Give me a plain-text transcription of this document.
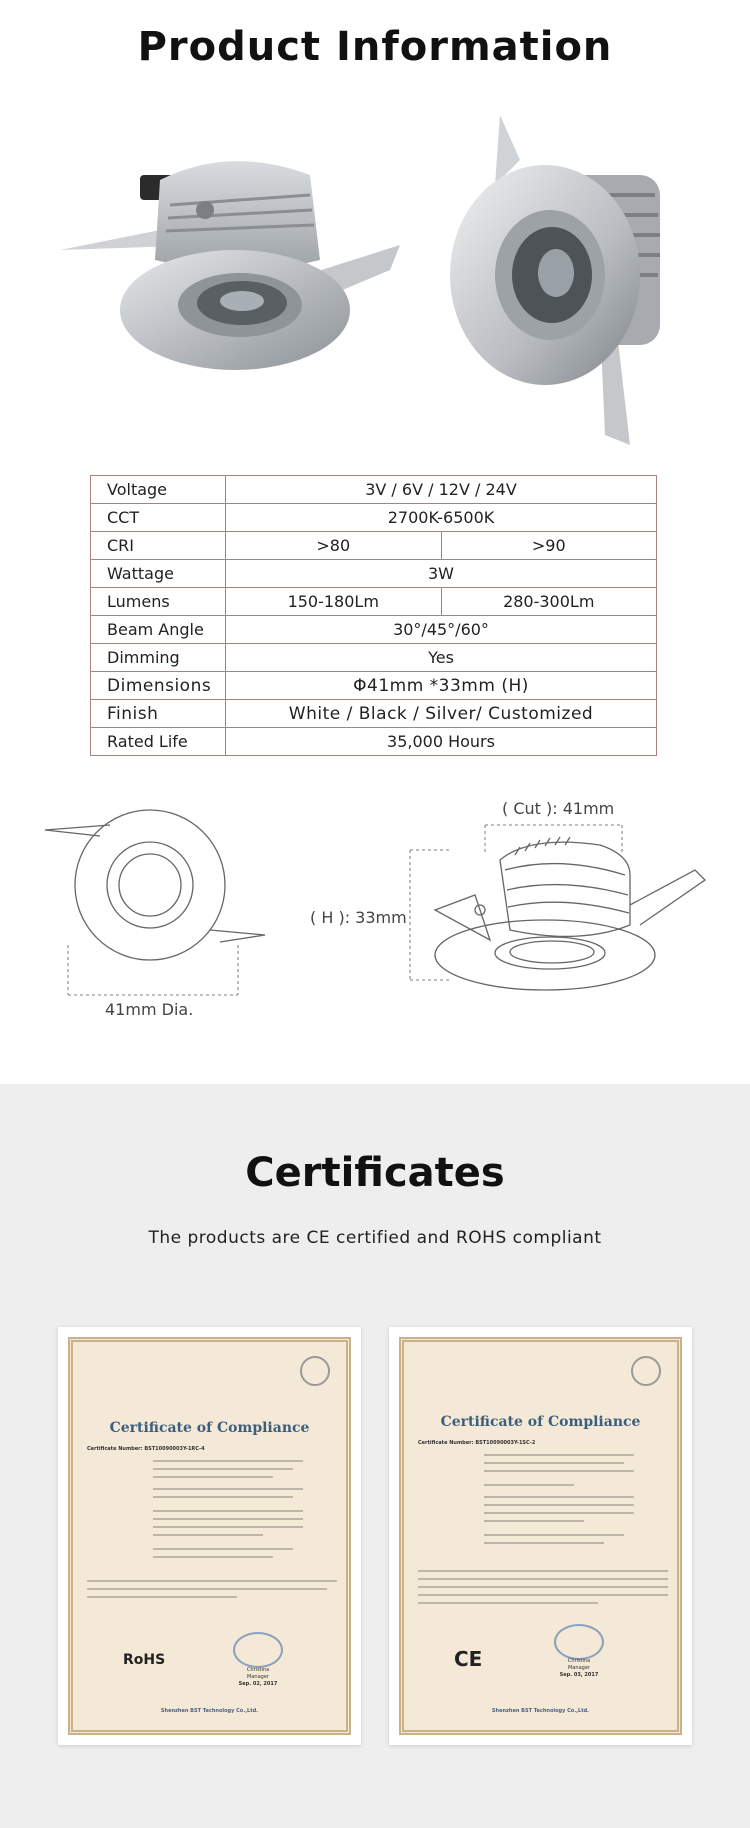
Product Information
Voltage	3V / 6V / 12V / 24V	
CCT	2700K-6500K	
CRI	>80	>90
Wattage	3W	
Lumens	150-180Lm	280-300Lm
Beam Angle	30°/45°/60°	
Dimming	Yes	
Dimensions	Φ41mm *33mm (H)	
Finish	White / Black / Silver/ Customized	
Rated Life	35,000 Hours	
41mm Dia.
( H ): 33mm
( Cut ): 41mm
Certificates
The products are CE certified and ROHS compliant
Certificate of Compliance
Certificate Number: BST10090003Y-1RC-4
RoHS
Christina
Manager
Sep. 02, 2017
Shenzhen BST Technology Co.,Ltd.
Certificate of Compliance
Certificate Number: BST10090003Y-1SC-2
CE	Christina
Manager
Sep. 03, 2017
Shenzhen BST Technology Co.,Ltd.
